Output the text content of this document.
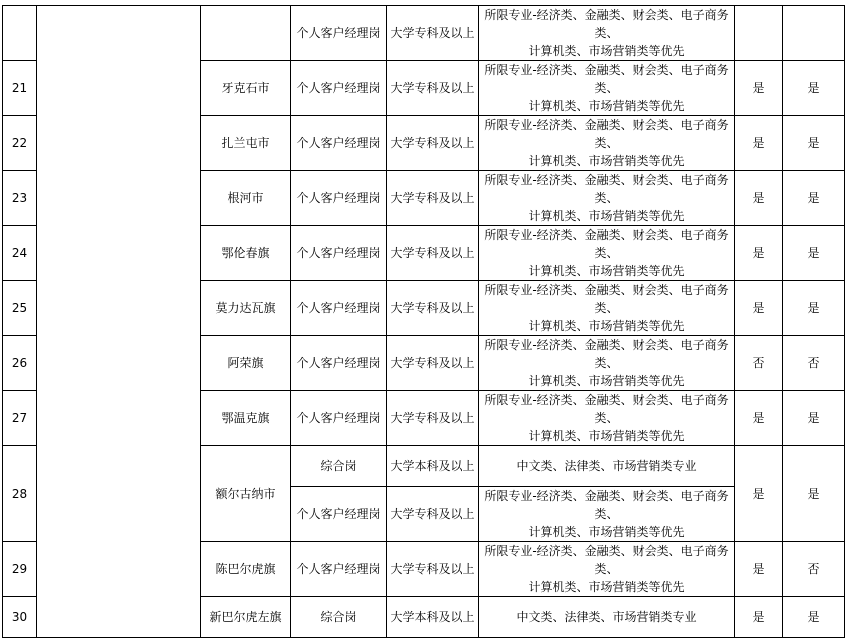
			个人客户经理岗	大学专科及以上	所限专业-经济类、金融类、财会类、电子商务类、
计算机类、市场营销类等优先		

21		牙克石市	个人客户经理岗	大学专科及以上	所限专业-经济类、金融类、财会类、电子商务类、
计算机类、市场营销类等优先	是	是
22		扎兰屯市	个人客户经理岗	大学专科及以上	所限专业-经济类、金融类、财会类、电子商务类、
计算机类、市场营销类等优先	是	是
23		根河市	个人客户经理岗	大学专科及以上	所限专业-经济类、金融类、财会类、电子商务类、
计算机类、市场营销类等优先	是	是
24		鄂伦春旗	个人客户经理岗	大学专科及以上	所限专业-经济类、金融类、财会类、电子商务类、
计算机类、市场营销类等优先	是	是
25		莫力达瓦旗	个人客户经理岗	大学专科及以上	所限专业-经济类、金融类、财会类、电子商务类、
计算机类、市场营销类等优先	是	是
26		阿荣旗	个人客户经理岗	大学专科及以上	所限专业-经济类、金融类、财会类、电子商务类、
计算机类、市场营销类等优先	否	否
27		鄂温克旗	个人客户经理岗	大学专科及以上	所限专业-经济类、金融类、财会类、电子商务类、
计算机类、市场营销类等优先	是	是
28		额尔古纳市	综合岗	大学本科及以上	中文类、法律类、市场营销类专业	是	是
			个人客户经理岗	大学专科及以上	所限专业-经济类、金融类、财会类、电子商务类、
计算机类、市场营销类等优先		

29		陈巴尔虎旗	个人客户经理岗	大学专科及以上	所限专业-经济类、金融类、财会类、电子商务类、
计算机类、市场营销类等优先	是	否
30		新巴尔虎左旗	综合岗	大学本科及以上	中文类、法律类、市场营销类专业	是	是
